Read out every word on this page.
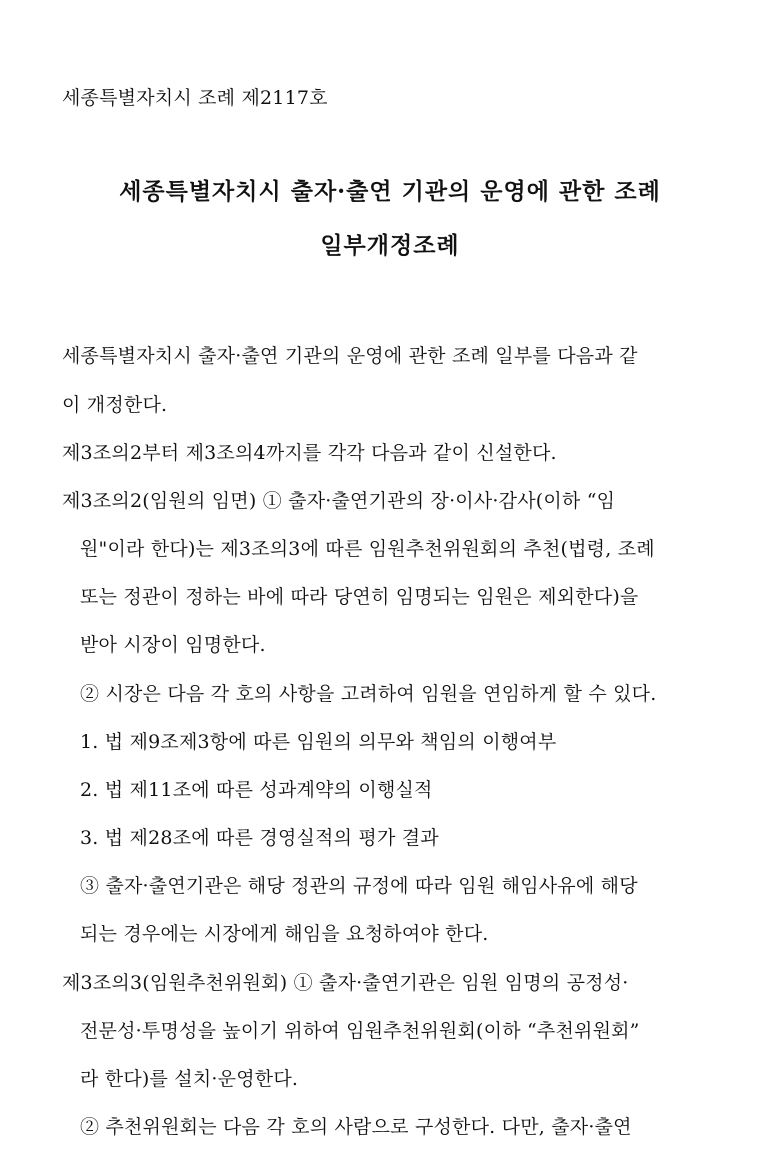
세종특별자치시 조례 제2117호
세종특별자치시 출자·출연 기관의 운영에 관한 조례
일부개정조례
세종특별자치시 출자·출연 기관의 운영에 관한 조례 일부를 다음과 같
이 개정한다.
제3조의2부터 제3조의4까지를 각각 다음과 같이 신설한다.
제3조의2(임원의 임면) ① 출자·출연기관의 장·이사·감사(이하 “임
원"이라 한다)는 제3조의3에 따른 임원추천위원회의 추천(법령, 조례
또는 정관이 정하는 바에 따라 당연히 임명되는 임원은 제외한다)을
받아 시장이 임명한다.
② 시장은 다음 각 호의 사항을 고려하여 임원을 연임하게 할 수 있다.
1. 법 제9조제3항에 따른 임원의 의무와 책임의 이행여부
2. 법 제11조에 따른 성과계약의 이행실적
3. 법 제28조에 따른 경영실적의 평가 결과
③ 출자·출연기관은 해당 정관의 규정에 따라 임원 해임사유에 해당
되는 경우에는 시장에게 해임을 요청하여야 한다.
제3조의3(임원추천위원회) ① 출자·출연기관은 임원 임명의 공정성·
전문성·투명성을 높이기 위하여 임원추천위원회(이하 “추천위원회”
라 한다)를 설치·운영한다.
② 추천위원회는 다음 각 호의 사람으로 구성한다. 다만, 출자·출연
